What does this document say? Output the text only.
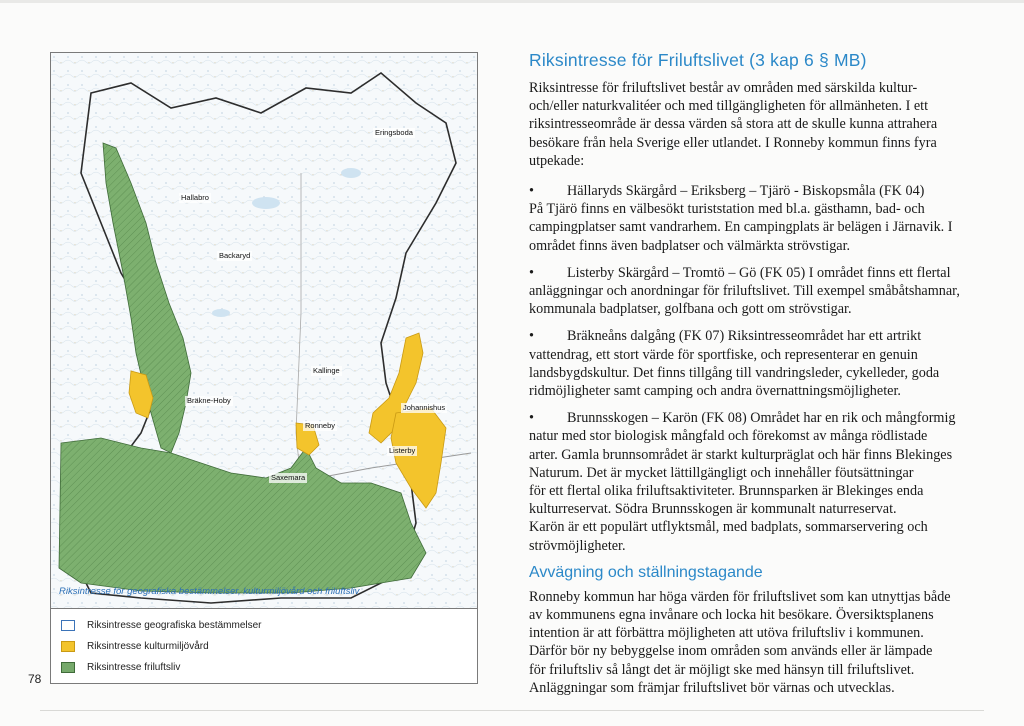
Eringsboda
Hallabro
Backaryd
Kallinge
Bräkne-Hoby
Johannishus
Ronneby
Listerby
Saxemara
Riksintresse för geografiska bestämmelser, kulturmiljövård och friluftsliv
Riksintresse geografiska bestämmelser
Riksintresse kulturmiljövård
Riksintresse friluftsliv
78
Riksintresse för Friluftslivet (3 kap 6 § MB)
Riksintresse för friluftslivet består av områden med särskilda kultur-
och/eller naturkvalitéer och med tillgängligheten för allmänheten. I ett
riksintresseområde är dessa värden så stora att de skulle kunna attrahera
besökare från hela Sverige eller utlandet. I Ronneby kommun finns fyra
utpekade:
• Hällaryds Skärgård – Eriksberg – Tjärö - Biskopsmåla (FK 04)
På Tjärö finns en välbesökt turiststation med bl.a. gästhamn, bad- och
campingplatser samt vandrarhem. En campingplats är belägen i Järnavik. I
området finns även badplatser och välmärkta strövstigar.
• Listerby Skärgård – Tromtö – Gö (FK 05) I området finns ett flertal
anläggningar och anordningar för friluftslivet. Till exempel småbåtshamnar,
kommunala badplatser, golfbana och gott om strövstigar.
• Bräkneåns dalgång (FK 07) Riksintresseområdet har ett artrikt
vattendrag, ett stort värde för sportfiske, och representerar en genuin
landsbygdskultur. Det finns tillgång till vandringsleder, cykelleder, goda
ridmöjligheter samt camping och andra övernattningsmöjligheter.
• Brunnsskogen – Karön (FK 08) Området har en rik och mångformig
natur med stor biologisk mångfald och förekomst av många rödlistade
arter. Gamla brunnsområdet är starkt kulturpräglat och här finns Blekinges
Naturum. Det är mycket lättillgängligt och innehåller föutsättningar
för ett flertal olika friluftsaktiviteter. Brunnsparken är Blekinges enda
kulturreservat. Södra Brunnsskogen är kommunalt naturreservat.
Karön är ett populärt utflyktsmål, med badplats, sommarservering och
strövmöjligheter.
Avvägning och ställningstagande
Ronneby kommun har höga värden för friluftslivet som kan utnyttjas både
av kommunens egna invånare och locka hit besökare. Översiktsplanens
intention är att förbättra möjligheten att utöva friluftsliv i kommunen.
Därför bör ny bebyggelse inom områden som används eller är lämpade
för friluftsliv så långt det är möjligt ske med hänsyn till friluftslivet.
Anläggningar som främjar friluftslivet bör värnas och utvecklas.
